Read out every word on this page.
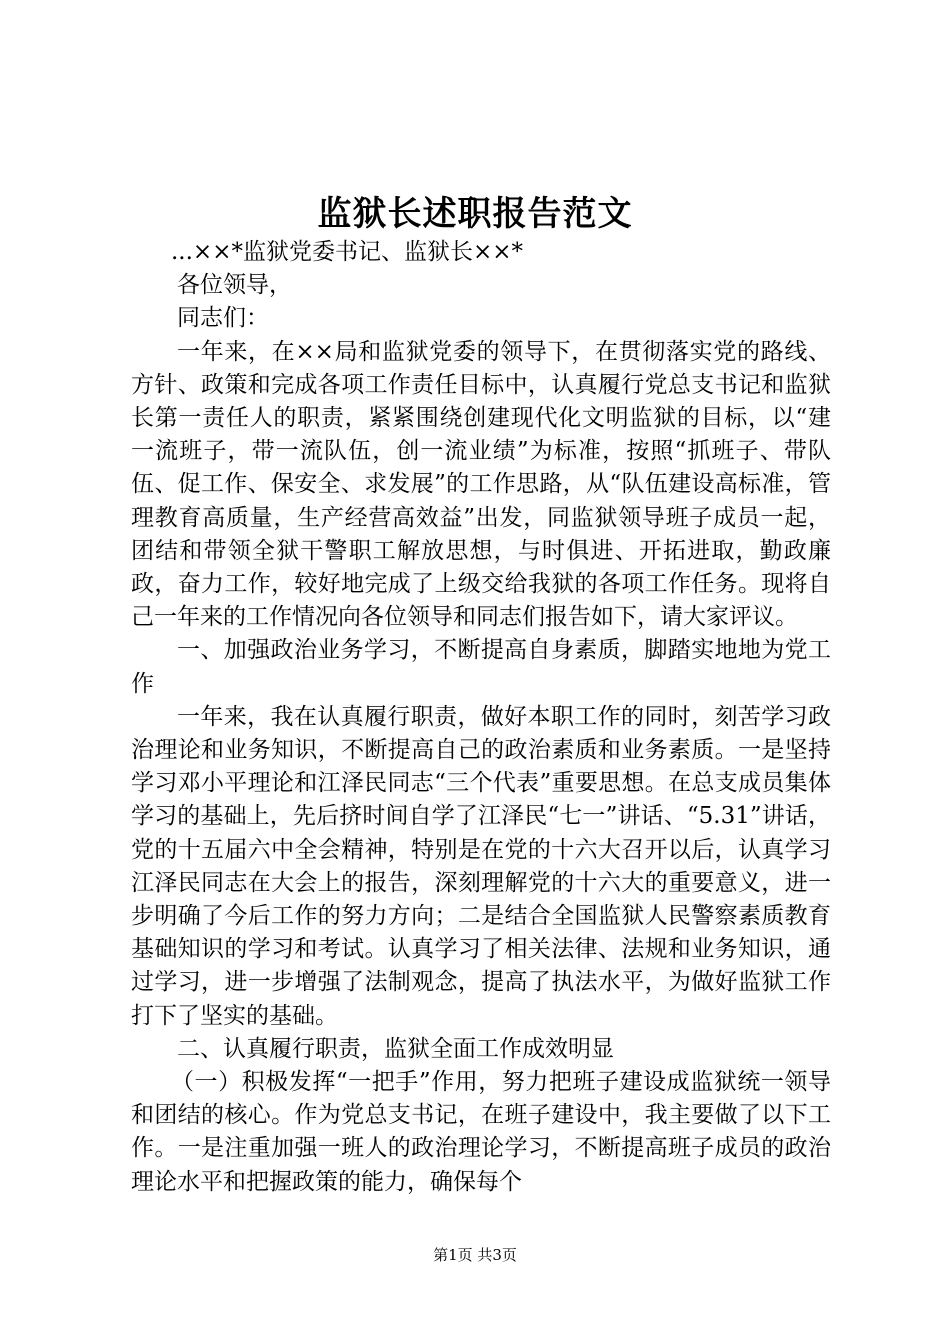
监狱长述职报告范文

...××*监狱党委书记、监狱长××*

各位领导，

同志们：

一年来，在××局和监狱党委的领导下，在贯彻落实党的路线、方针、政策和完成各项工作责任目标中，认真履行党总支书记和监狱长第一责任人的职责，紧紧围绕创建现代化文明监狱的目标，以“建一流班子，带一流队伍，创一流业绩”为标准，按照“抓班子、带队伍、促工作、保安全、求发展”的工作思路，从“队伍建设高标准，管理教育高质量，生产经营高效益”出发，同监狱领导班子成员一起，团结和带领全狱干警职工解放思想，与时俱进、开拓进取，勤政廉政，奋力工作，较好地完成了上级交给我狱的各项工作任务。现将自己一年来的工作情况向各位领导和同志们报告如下，请大家评议。

一、加强政治业务学习，不断提高自身素质，脚踏实地地为党工作

一年来，我在认真履行职责，做好本职工作的同时，刻苦学习政治理论和业务知识，不断提高自己的政治素质和业务素质。一是坚持学习邓小平理论和江泽民同志“三个代表”重要思想。在总支成员集体学习的基础上，先后挤时间自学了江泽民“七一”讲话、“5.31”讲话，党的十五届六中全会精神，特别是在党的十六大召开以后，认真学习江泽民同志在大会上的报告，深刻理解党的十六大的重要意义，进一步明确了今后工作的努力方向；二是结合全国监狱人民警察素质教育基础知识的学习和考试。认真学习了相关法律、法规和业务知识，通过学习，进一步增强了法制观念，提高了执法水平，为做好监狱工作打下了坚实的基础。

二、认真履行职责，监狱全面工作成效明显

（一）积极发挥“一把手”作用，努力把班子建设成监狱统一领导和团结的核心。作为党总支书记，在班子建设中，我主要做了以下工作。一是注重加强一班人的政治理论学习，不断提高班子成员的政治理论水平和把握政策的能力，确保每个

第1页 共3页
